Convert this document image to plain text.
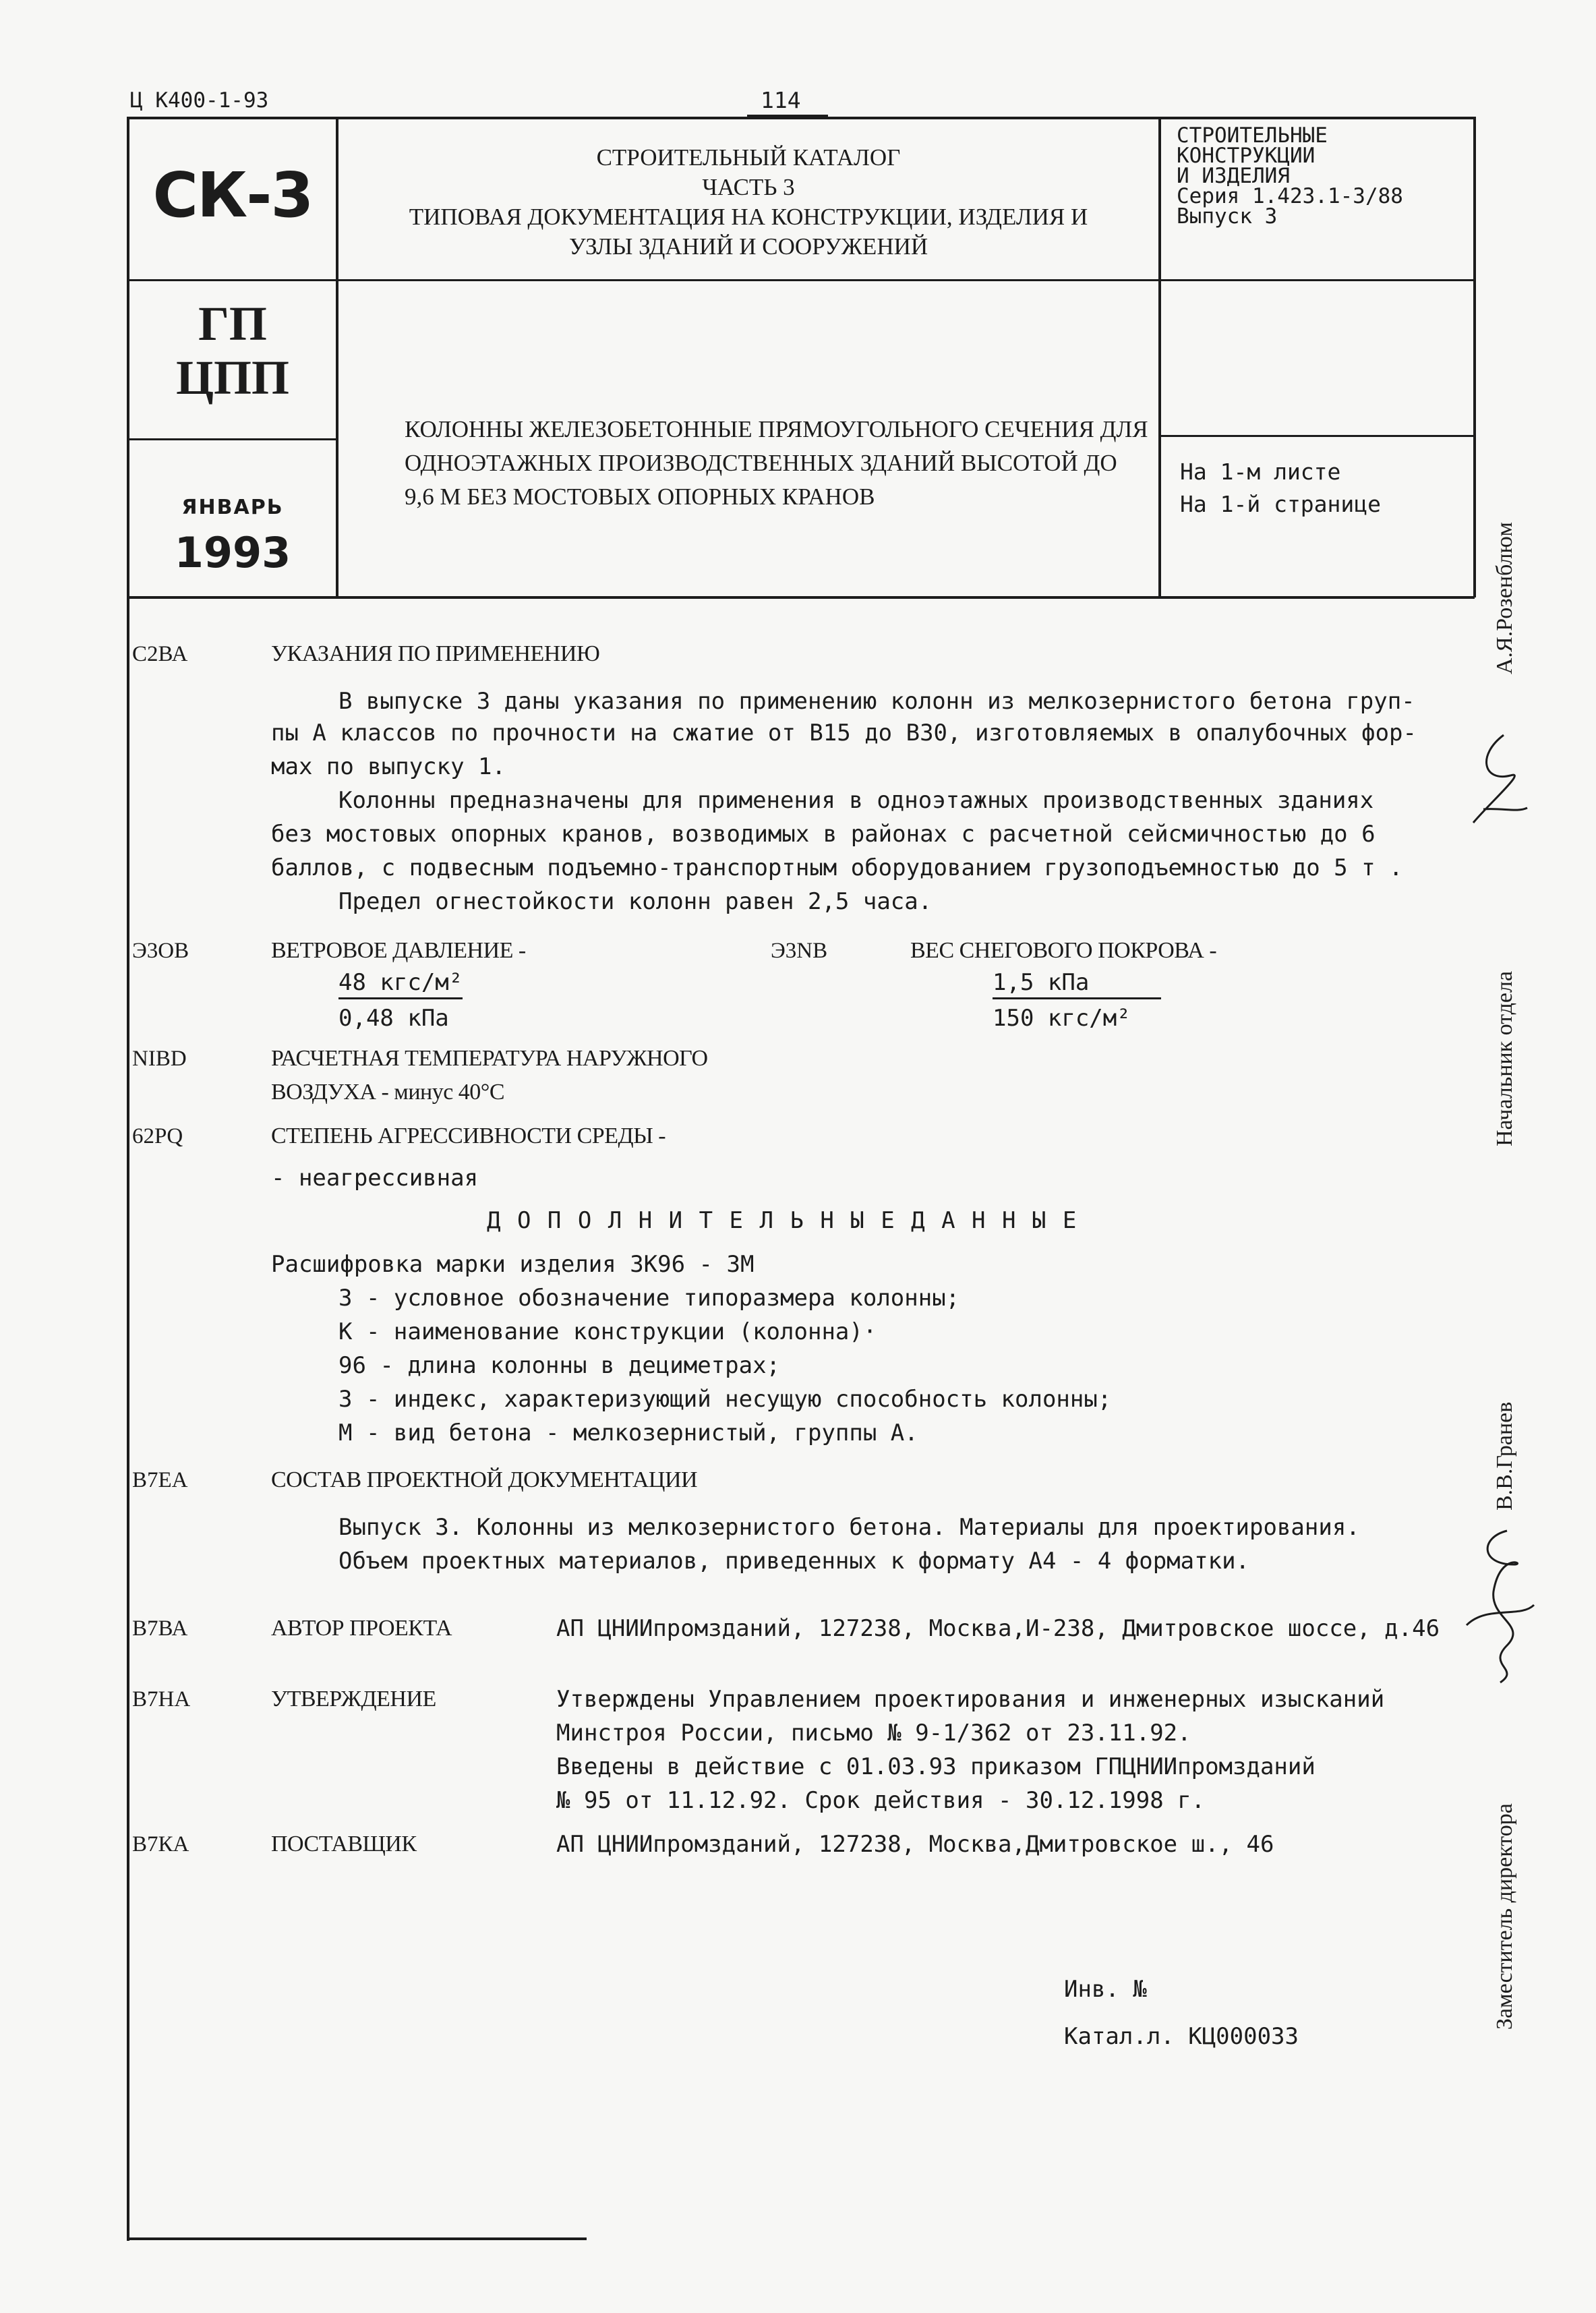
Ц К400-1-93	114
СК-3
СТРОИТЕЛЬНЫЙ КАТАЛОГ
ЧАСТЬ 3
ТИПОВАЯ ДОКУМЕНТАЦИЯ НА КОНСТРУКЦИИ, ИЗДЕЛИЯ И
УЗЛЫ ЗДАНИЙ И СООРУЖЕНИЙ
СТРОИТЕЛЬНЫЕ
КОНСТРУКЦИИ
И ИЗДЕЛИЯ
Серия 1.423.1-3/88
Выпуск 3
ГП
ЦПП
КОЛОННЫ ЖЕЛЕЗОБЕТОННЫЕ ПРЯМОУГОЛЬНОГО СЕЧЕНИЯ ДЛЯ
ОДНОЭТАЖНЫХ ПРОИЗВОДСТВЕННЫХ ЗДАНИЙ ВЫСОТОЙ ДО
9,6 М БЕЗ МОСТОВЫХ ОПОРНЫХ КРАНОВ
На 1-м листе
На 1-й странице
ЯНВАРЬ
1993
С2ВА	УКАЗАНИЯ ПО ПРИМЕНЕНИЮ
В выпуске 3 даны указания по применению колонн из мелкозернистого бетона груп-
пы А классов по прочности на сжатие от В15 до В30, изготовляемых в опалубочных фор-
мах по выпуску 1.
Колонны предназначены для применения в одноэтажных производственных зданиях
без мостовых опорных кранов, возводимых в районах с расчетной сейсмичностью до 6
баллов, с подвесным подъемно-транспортным оборудованием грузоподъемностью до 5 т .
Предел огнестойкости колонн равен 2,5 часа.
Э3ОВ	ВЕТРОВОЕ ДАВЛЕНИЕ -
48 кгс/м²
0,48 кПа
Э3NB	ВЕС СНЕГОВОГО ПОКРОВА -
1,5 кПа
150 кгс/м²
NIBD	РАСЧЕТНАЯ ТЕМПЕРАТУРА НАРУЖНОГО
ВОЗДУХА - минус 40°С
62РQ	СТЕПЕНЬ АГРЕССИВНОСТИ СРЕДЫ -
- неагрессивная
Д О П О Л Н И Т Е Л Ь Н Ы Е Д А Н Н Ы Е
Расшифровка марки изделия 3К96 - 3М
3 - условное обозначение типоразмера колонны;
К - наименование конструкции (колонна)·
96 - длина колонны в дециметрах;
3 - индекс, характеризующий несущую способность колонны;
М - вид бетона - мелкозернистый, группы А.
В7ЕА	СОСТАВ ПРОЕКТНОЙ ДОКУМЕНТАЦИИ
Выпуск 3. Колонны из мелкозернистого бетона. Материалы для проектирования.
Объем проектных материалов, приведенных к формату А4 - 4 форматки.
В7ВА	АВТОР ПРОЕКТА	АП ЦНИИпромзданий, 127238, Москва,И-238, Дмитровское шоссе, д.46
В7НА	УТВЕРЖДЕНИЕ	Утверждены Управлением проектирования и инженерных изысканий
Минстроя России, письмо № 9-1/362 от 23.11.92.
Введены в действие с 01.03.93 приказом ГПЦНИИпромзданий
№ 95 от 11.12.92. Срок действия - 30.12.1998 г.
В7КА	ПОСТАВЩИК	АП ЦНИИпромзданий, 127238, Москва,Дмитровское ш., 46
Инв. №
Катал.л. КЦ000033
А.Я.Розенблюм
Начальник отдела
В.В.Гранев
Заместитель директора
